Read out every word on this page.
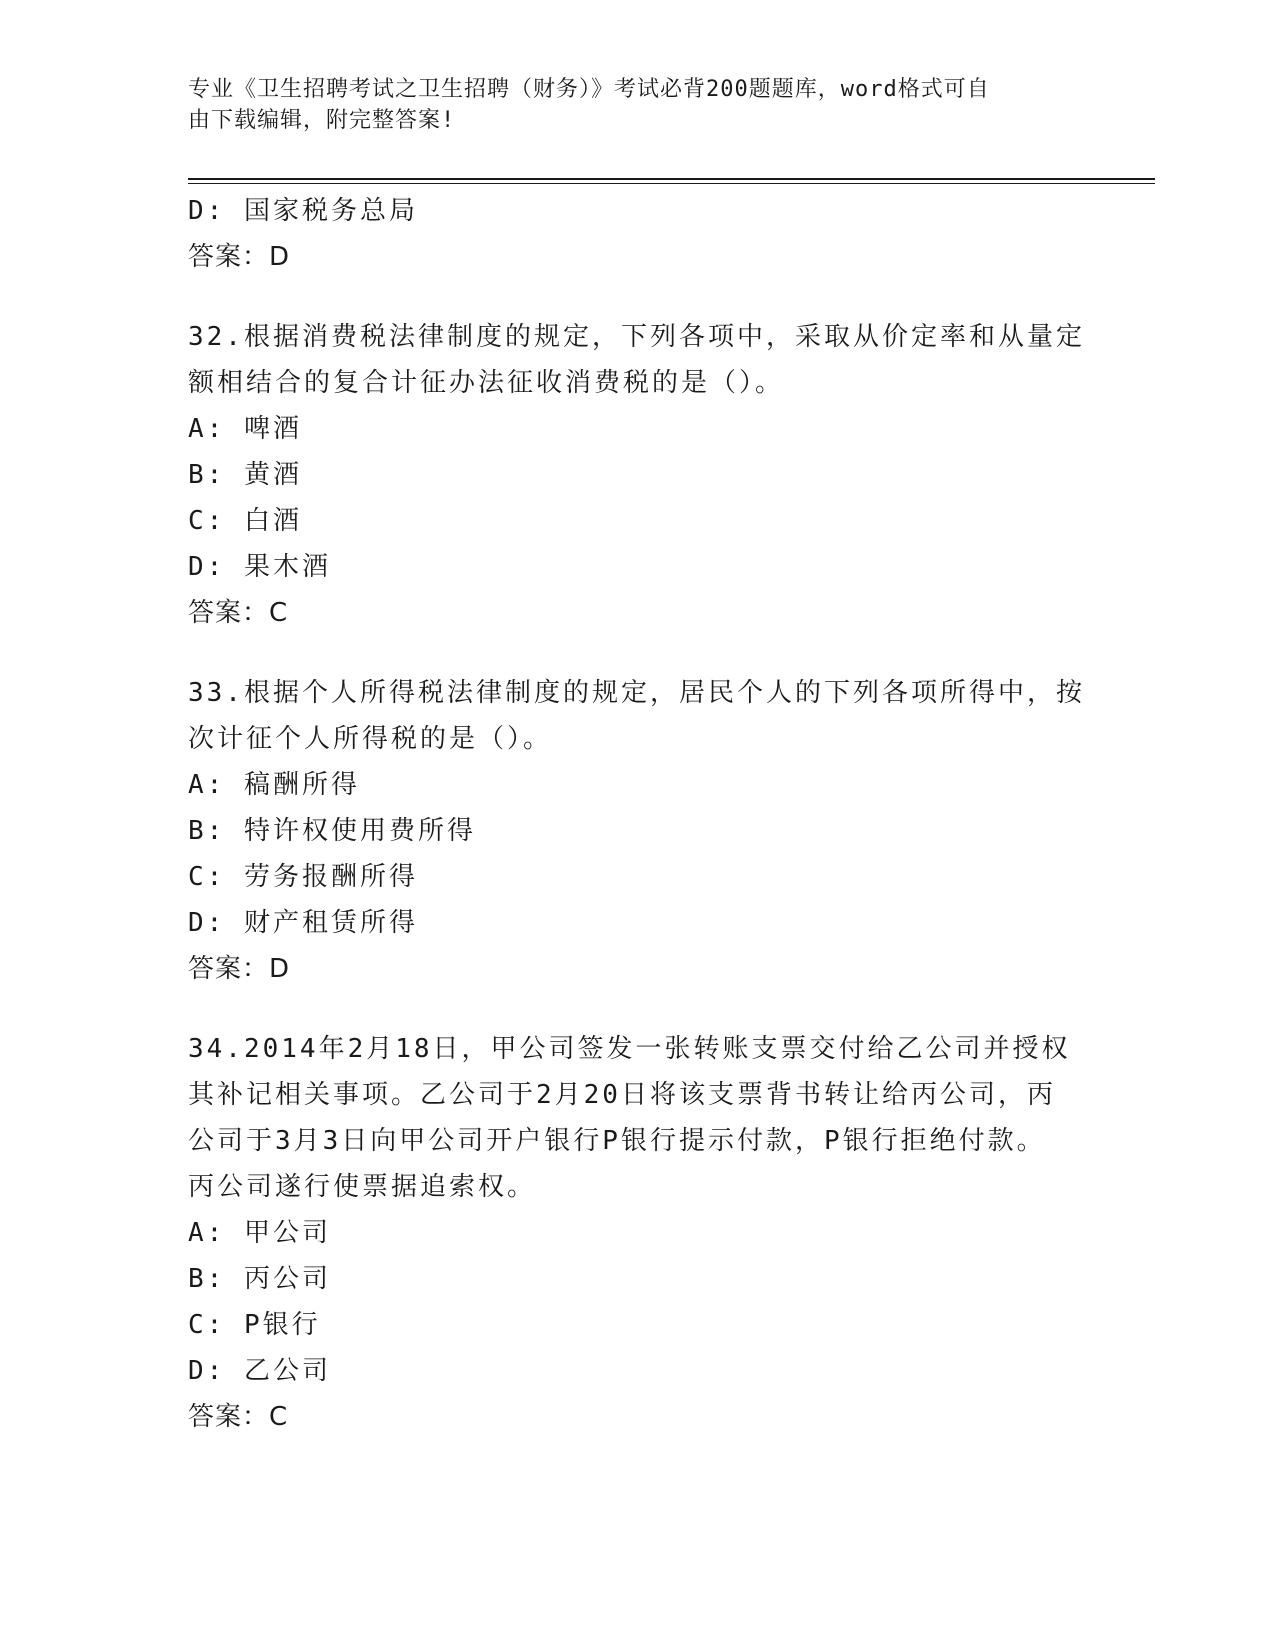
专业《卫生招聘考试之卫生招聘（财务）》考试必背200题题库，word格式可自
由下载编辑，附完整答案!
D: 国家税务总局
答案：D
32.根据消费税法律制度的规定，下列各项中，采取从价定率和从量定
额相结合的复合计征办法征收消费税的是（）。
A: 啤酒
B: 黄酒
C: 白酒
D: 果木酒
答案：C
33.根据个人所得税法律制度的规定，居民个人的下列各项所得中，按
次计征个人所得税的是（）。
A: 稿酬所得
B: 特许权使用费所得
C: 劳务报酬所得
D: 财产租赁所得
答案：D
34.2014年2月18日，甲公司签发一张转账支票交付给乙公司并授权
其补记相关事项。乙公司于2月20日将该支票背书转让给丙公司，丙
公司于3月3日向甲公司开户银行P银行提示付款，P银行拒绝付款。
丙公司遂行使票据追索权。
A: 甲公司
B: 丙公司
C: P银行
D: 乙公司
答案：C
